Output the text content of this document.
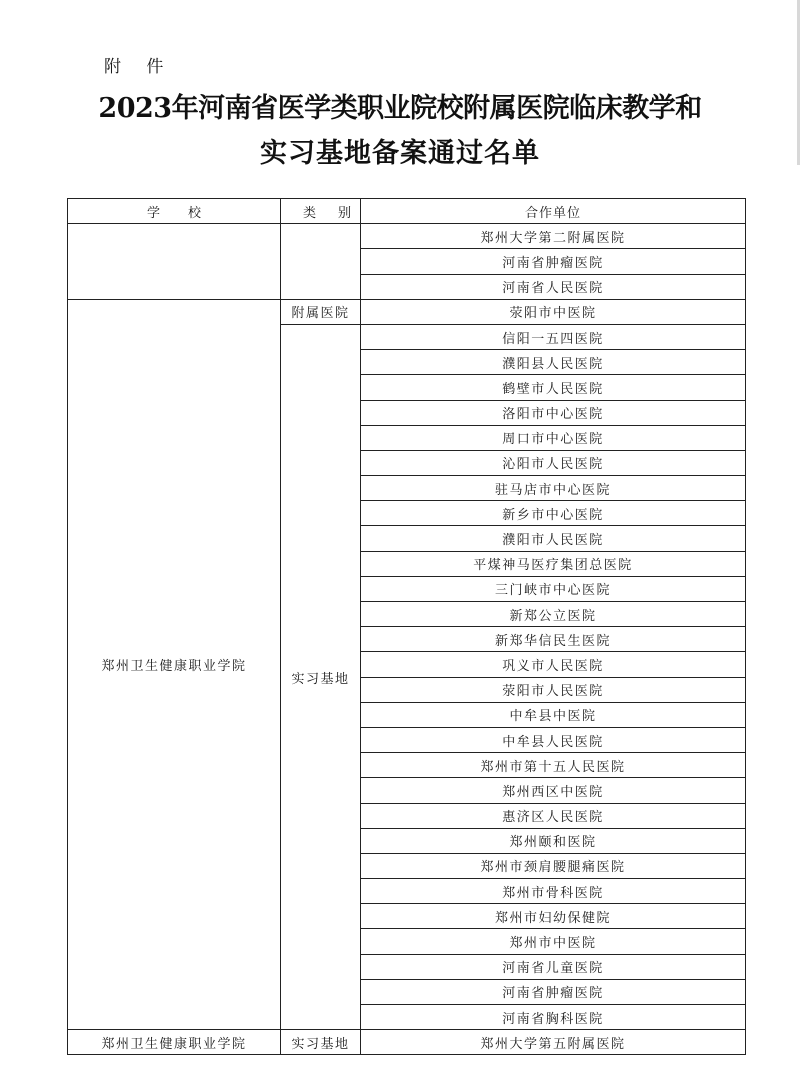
附 件
2023年河南省医学类职业院校附属医院临床教学和
实习基地备案通过名单
学校	类别	合作单位
		郑州大学第二附属医院
		河南省肿瘤医院
		河南省人民医院
郑州卫生健康职业学院	附属医院	荥阳市中医院
	实习基地	信阳一五四医院
		濮阳县人民医院
		鹤壁市人民医院
		洛阳市中心医院
		周口市中心医院
		沁阳市人民医院
		驻马店市中心医院
		新乡市中心医院
		濮阳市人民医院
		平煤神马医疗集团总医院
		三门峡市中心医院
		新郑公立医院
		新郑华信民生医院
		巩义市人民医院
		荥阳市人民医院
		中牟县中医院
		中牟县人民医院
		郑州市第十五人民医院
		郑州西区中医院
		惠济区人民医院
		郑州颐和医院
		郑州市颈肩腰腿痛医院
		郑州市骨科医院
		郑州市妇幼保健院
		郑州市中医院
		河南省儿童医院
		河南省肿瘤医院
		河南省胸科医院
郑州卫生健康职业学院	实习基地	郑州大学第五附属医院
